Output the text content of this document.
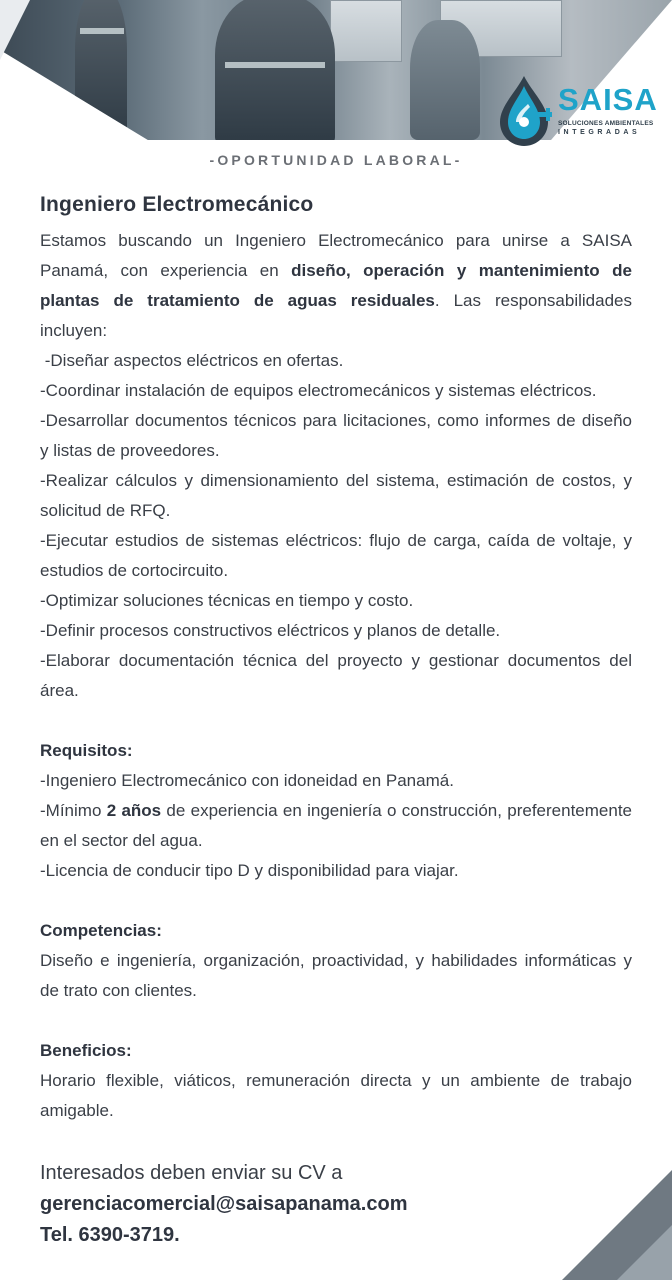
SAISA
SOLUCIONES AMBIENTALES
INTEGRADAS
-OPORTUNIDAD LABORAL-
Ingeniero Electromecánico

Estamos buscando un Ingeniero Electromecánico para unirse a SAISA Panamá, con experiencia en diseño, operación y mantenimiento de plantas de tratamiento de aguas residuales. Las responsabilidades incluyen:

-Diseñar aspectos eléctricos en ofertas.

-Coordinar instalación de equipos electromecánicos y sistemas eléctricos.

-Desarrollar documentos técnicos para licitaciones, como informes de diseño y listas de proveedores.

-Realizar cálculos y dimensionamiento del sistema, estimación de costos, y solicitud de RFQ.

-Ejecutar estudios de sistemas eléctricos: flujo de carga, caída de voltaje, y estudios de cortocircuito.

-Optimizar soluciones técnicas en tiempo y costo.

-Definir procesos constructivos eléctricos y planos de detalle.

-Elaborar documentación técnica del proyecto y gestionar documentos del área.

Requisitos:

-Ingeniero Electromecánico con idoneidad en Panamá.

-Mínimo 2 años de experiencia en ingeniería o construcción, preferentemente en el sector del agua.

-Licencia de conducir tipo D y disponibilidad para viajar.

Competencias:

Diseño e ingeniería, organización, proactividad, y habilidades informáticas y de trato con clientes.

Beneficios:

Horario flexible, viáticos, remuneración directa y un ambiente de trabajo amigable.

Interesados deben enviar su CV a
gerenciacomercial@saisapanama.com
Tel. 6390-3719.
